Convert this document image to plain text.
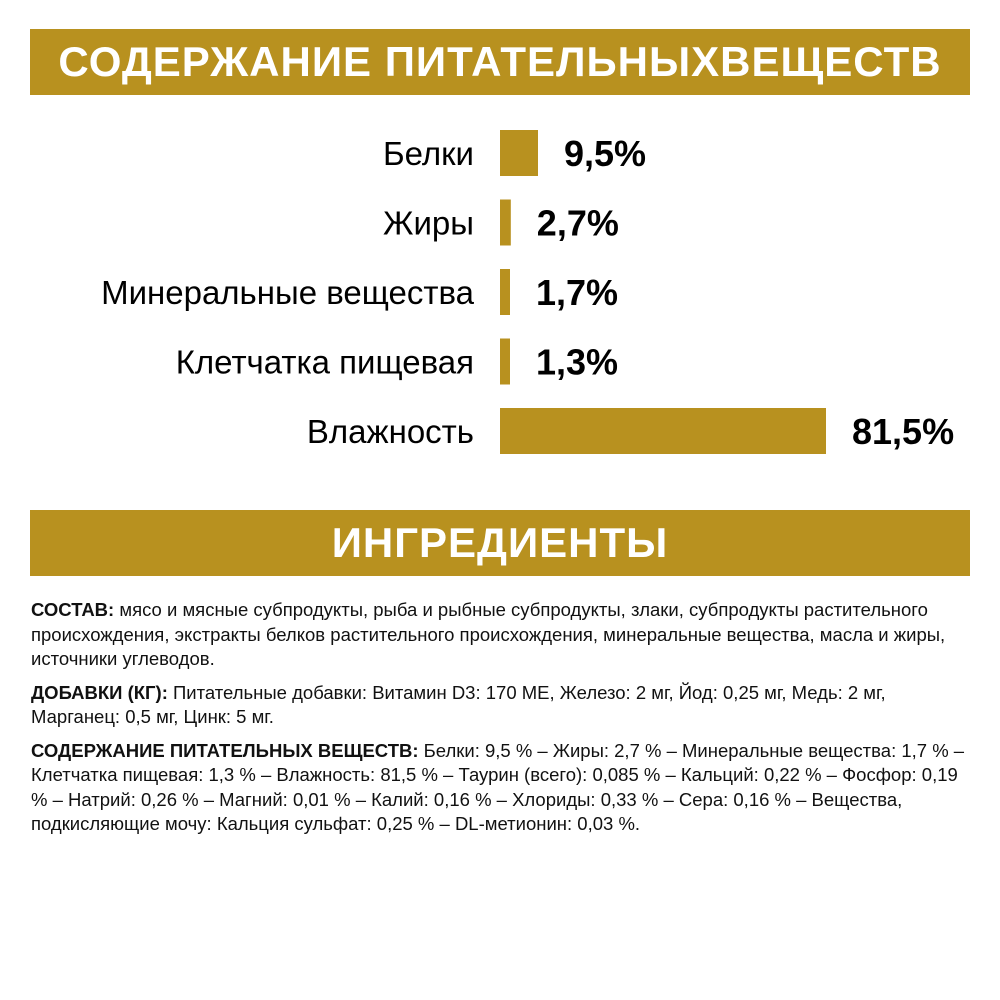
СОДЕРЖАНИЕ ПИТАТЕЛЬНЫХВЕЩЕСТВ
Белки	9,5%
Жиры 2,7%
Минеральные вещества 1,7%
Клетчатка пищевая 1,3%
Влажность	81,5%
ИНГРЕДИЕНТЫ

СОСТАВ: мясо и мясные субпродукты, рыба и рыбные субпродукты, злаки, субпродукты растительного происхождения, экстракты белков растительного происхождения, минеральные вещества, масла и жиры, источники углеводов.

ДОБАВКИ (КГ): Питательные добавки: Витамин D3: 170 МЕ, Железо: 2 мг, Йод: 0,25 мг, Медь: 2 мг, Марганец: 0,5 мг, Цинк: 5 мг.

СОДЕРЖАНИЕ ПИТАТЕЛЬНЫХ ВЕЩЕСТВ: Белки: 9,5 % – Жиры: 2,7 % – Минеральные вещества: 1,7 % – Клетчатка пищевая: 1,3 % – Влажность: 81,5 % – Таурин (всего): 0,085 % – Кальций: 0,22 % – Фосфор: 0,19 % – Натрий: 0,26 % – Магний: 0,01 % – Калий: 0,16 % – Хлориды: 0,33 % – Сера: 0,16 % – Вещества, подкисляющие мочу: Кальция сульфат: 0,25 % – DL-метионин: 0,03 %.
